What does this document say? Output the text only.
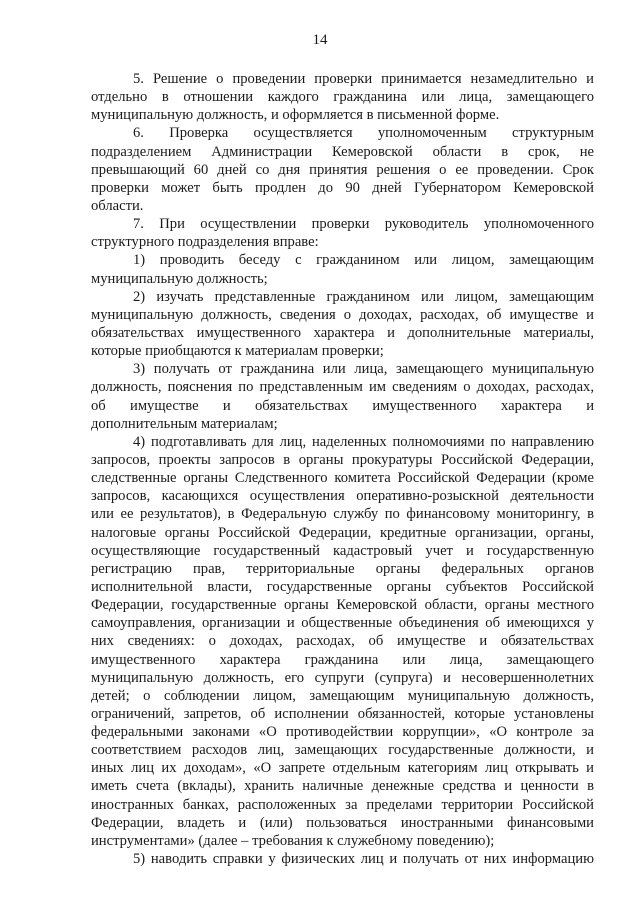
14
5. Решение о проведении проверки принимается незамедлительно и
отдельно в отношении каждого гражданина или лица, замещающего
муниципальную должность, и оформляется в письменной форме.
6. Проверка осуществляется уполномоченным структурным
подразделением Администрации Кемеровской области в срок, не
превышающий 60 дней со дня принятия решения о ее проведении. Срок
проверки может быть продлен до 90 дней Губернатором Кемеровской
области.
7. При осуществлении проверки руководитель уполномоченного
структурного подразделения вправе:
1) проводить беседу с гражданином или лицом, замещающим
муниципальную должность;
2) изучать представленные гражданином или лицом, замещающим
муниципальную должность, сведения о доходах, расходах, об имуществе и
обязательствах имущественного характера и дополнительные материалы,
которые приобщаются к материалам проверки;
3) получать от гражданина или лица, замещающего муниципальную
должность, пояснения по представленным им сведениям о доходах, расходах,
об имуществе и обязательствах имущественного характера и
дополнительным материалам;
4) подготавливать для лиц, наделенных полномочиями по направлению
запросов, проекты запросов в органы прокуратуры Российской Федерации,
следственные органы Следственного комитета Российской Федерации (кроме
запросов, касающихся осуществления оперативно-розыскной деятельности
или ее результатов), в Федеральную службу по финансовому мониторингу, в
налоговые органы Российской Федерации, кредитные организации, органы,
осуществляющие государственный кадастровый учет и государственную
регистрацию прав, территориальные органы федеральных органов
исполнительной власти, государственные органы субъектов Российской
Федерации, государственные органы Кемеровской области, органы местного
самоуправления, организации и общественные объединения об имеющихся у
них сведениях: о доходах, расходах, об имуществе и обязательствах
имущественного характера гражданина или лица, замещающего
муниципальную должность, его супруги (супруга) и несовершеннолетних
детей; о соблюдении лицом, замещающим муниципальную должность,
ограничений, запретов, об исполнении обязанностей, которые установлены
федеральными законами «О противодействии коррупции», «О контроле за
соответствием расходов лиц, замещающих государственные должности, и
иных лиц их доходам», «О запрете отдельным категориям лиц открывать и
иметь счета (вклады), хранить наличные денежные средства и ценности в
иностранных банках, расположенных за пределами территории Российской
Федерации, владеть и (или) пользоваться иностранными финансовыми
инструментами» (далее – требования к служебному поведению);
5) наводить справки у физических лиц и получать от них информацию
